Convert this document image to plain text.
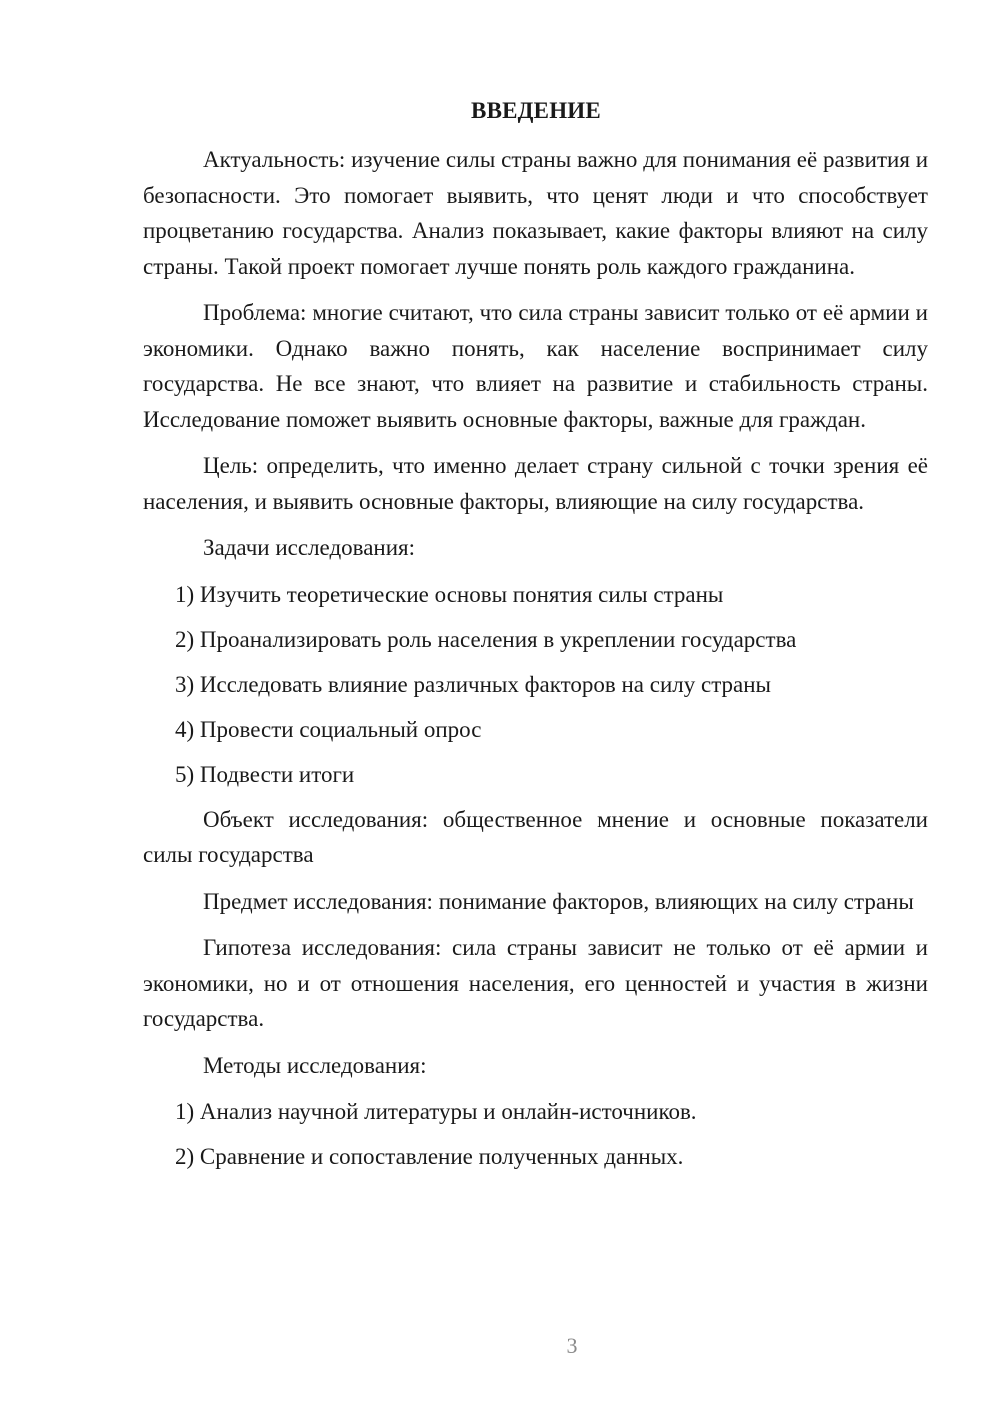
ВВЕДЕНИЕ

Актуальность: изучение силы страны важно для понимания её развития и безопасности. Это помогает выявить, что ценят люди и что способствует процветанию государства. Анализ показывает, какие факторы влияют на силу страны. Такой проект помогает лучше понять роль каждого гражданина.

Проблема: многие считают, что сила страны зависит только от её армии и экономики. Однако важно понять, как население воспринимает силу государства. Не все знают, что влияет на развитие и стабильность страны. Исследование поможет выявить основные факторы, важные для граждан.

Цель: определить, что именно делает страну сильной с точки зрения её населения, и выявить основные факторы, влияющие на силу государства.

Задачи исследования:

1) Изучить теоретические основы понятия силы страны
2) Проанализировать роль населения в укреплении государства
3) Исследовать влияние различных факторов на силу страны
4) Провести социальный опрос
5) Подвести итоги

Объект исследования: общественное мнение и основные показатели силы государства

Предмет исследования: понимание факторов, влияющих на силу страны

Гипотеза исследования: сила страны зависит не только от её армии и экономики, но и от отношения населения, его ценностей и участия в жизни государства.

Методы исследования:

1) Анализ научной литературы и онлайн-источников.
2) Сравнение и сопоставление полученных данных.
3
